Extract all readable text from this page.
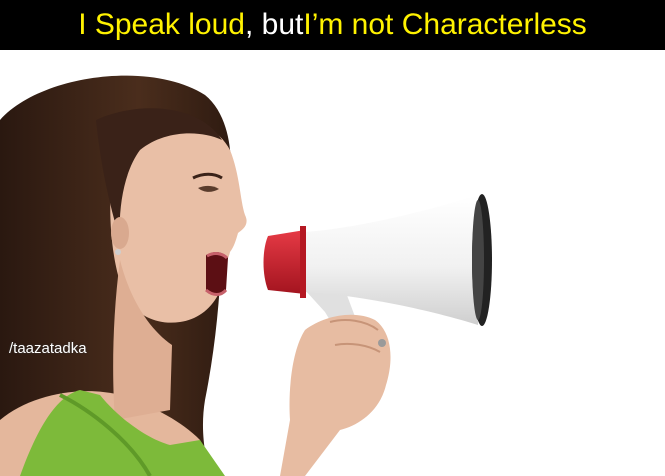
I Speak loud , but I’m not Characterless
/taazatadka
